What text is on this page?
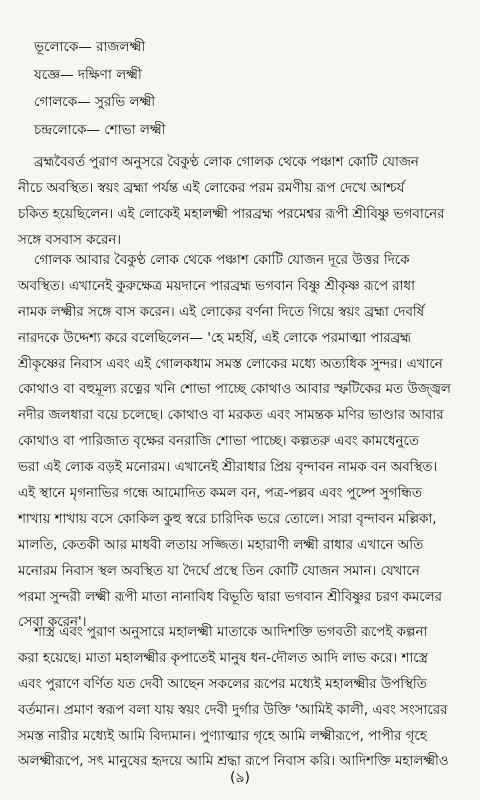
ভূলোকে— রাজলক্ষ্মী
যজ্ঞে— দক্ষিণা লক্ষ্মী
গোলকে— সুরভি লক্ষ্মী
চন্দ্রলোকে— শোভা লক্ষ্মী
ব্রহ্মবৈবর্ত পুরাণ অনুসরে বৈকুণ্ঠ লোক গোলক থেকে পঞ্চাশ কোটি যোজন
নীচে অবস্থিত। স্বয়ং ব্রহ্মা পর্যন্ত এই লোকের পরম রমণীয় রূপ দেখে আশ্চর্য
চকিত হয়েছিলেন। এই লোকেই মহালক্ষ্মী পারব্রহ্ম পরমেশ্বর রূপী শ্রীবিষ্ণু ভগবানের
সঙ্গে বসবাস করেন।
গোলক আবার বৈকুণ্ঠ লোক থেকে পঞ্চাশ কোটি যোজন দূরে উত্তর দিকে
অবস্থিত। এখানেই কুরুক্ষেত্র ময়দানে পারব্রহ্ম ভগবান বিষ্ণু শ্রীকৃষ্ণ রূপে রাধা
নামক লক্ষ্মীর সঙ্গে বাস করেন। এই লোকের বর্ণনা দিতে গিয়ে স্বয়ং ব্রহ্মা দেবর্ষি
নারদকে উদ্দেশ্য করে বলেছিলেন— 'হে মহর্ষি, এই লোকে পরমাত্মা পারব্রহ্ম
শ্রীকৃষ্ণের নিবাস এবং এই গোলকধাম সমস্ত লোকের মধ্যে অত্যধিক সুন্দর। এখানে
কোথাও বা বহুমূল্য রত্নের খনি শোভা পাচ্ছে কোথাও আবার স্ফটিকের মত উজ্জ্বল
নদীর জলধারা বয়ে চলেছে। কোথাও বা মরকত এবং সামন্তক মণির ভাণ্ডার আবার
কোথাও বা পারিজাত বৃক্ষের বনরাজি শোভা পাচ্ছে। কল্পতরু এবং কামধেনুতে
ভরা এই লোক বড়ই মনোরম। এখানেই শ্রীরাধার প্রিয় বৃন্দাবন নামক বন অবস্থিত।
এই স্থানে মৃগনাভির গন্ধে আমোদিত কমল বন, পত্র-পল্লব এবং পুষ্পে সুগন্ধিত
শাখায় শাখায় বসে কোকিল কুহু স্বরে চারিদিক ভরে তোলে। সারা বৃন্দাবন মল্লিকা,
মালতি, কেতকী আর মাধবী লতায় সজ্জিত। মহারাণী লক্ষ্মী রাধার এখানে অতি
মনোরম নিবাস স্থল অবস্থিত যা দৈর্ঘে প্রস্থে তিন কোটি যোজন সমান। যেখানে
পরমা সুন্দরী লক্ষ্মী রূপী মাতা নানাবিধ বিভূতি দ্বারা ভগবান শ্রীবিষ্ণুর চরণ কমলের
সেবা করেন'।
শাস্ত্র এবং পুরাণ অনুসারে মহালক্ষ্মী মাতাকে আদিশক্তি ভগবতী রূপেই কল্পনা
করা হয়েছে। মাতা মহালক্ষ্মীর কৃপাতেই মানুষ ধন-দৌলত আদি লাভ করে। শাস্ত্রে
এবং পুরাণে বর্ণিত যত দেবী আছেন সকলের রূপের মধ্যেই মহালক্ষ্মীর উপস্থিতি
বর্তমান। প্রমাণ স্বরূপ বলা যায় স্বয়ং দেবী দুর্গার উক্তি 'আমিই কালী, এবং সংসারের
সমস্ত নারীর মধ্যেই আমি বিদ্যমান। পুণ্যাত্মার গৃহে আমি লক্ষ্মীরূপে, পাপীর গৃহে
অলক্ষ্মীরূপে, সৎ মানুষের হৃদয়ে আমি শ্রদ্ধা রূপে নিবাস করি। আদিশক্তি মহালক্ষ্মীও
(৯)
